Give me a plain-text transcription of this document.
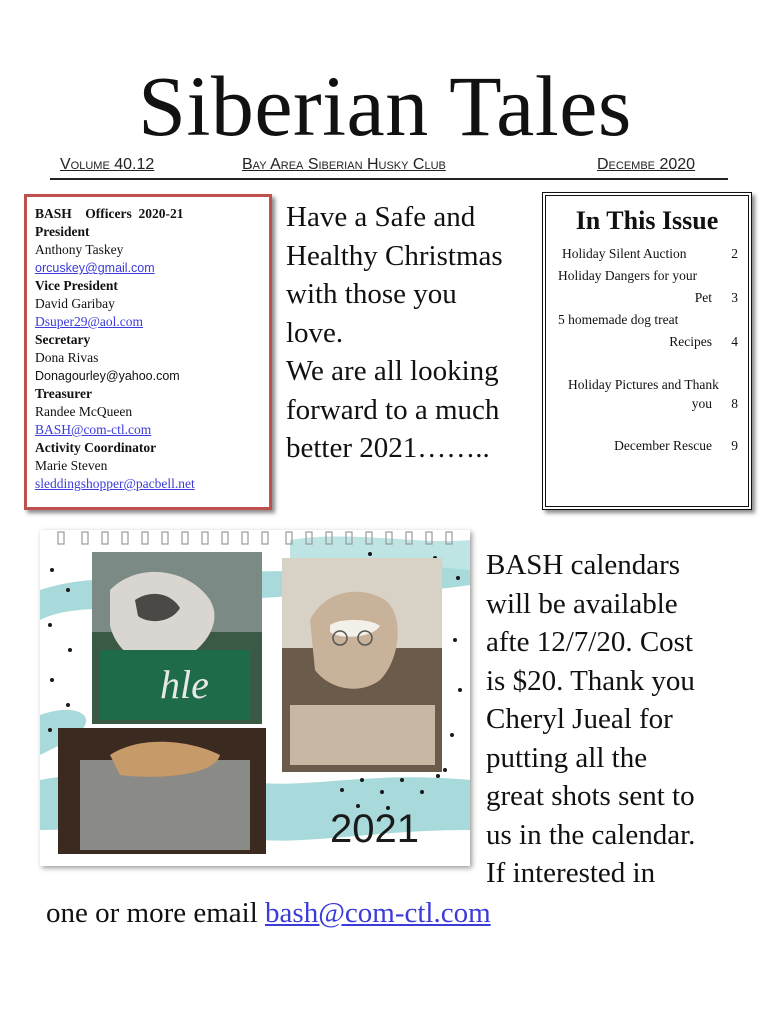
Siberian Tales
Volume 40.12	Bay Area Siberian Husky Club	Decembe 2020
BASH    Officers  2020-21
President
Anthony Taskey
orcuskey@gmail.com
Vice President
David Garibay
Dsuper29@aol.com
Secretary
Dona Rivas
Donagourley@yahoo.com
Treasurer
Randee McQueen
BASH@com-ctl.com
Activity Coordinator
Marie Steven
sleddingshopper@pacbell.net
Have a Safe and
Healthy Christmas
with those you
love.
We are all looking
forward to a much
better 2021……..
In This Issue
Holiday Silent Auction	2
Holiday Dangers for your
Pet 3
5 homemade dog treat
Recipes 4
Holiday Pictures and Thank
you 8
December Rescue 9
hle
2021
BASH calendars
will be available
afte 12/7/20. Cost
is $20. Thank you
Cheryl Jueal for
putting all the
great shots sent to
us in the calendar.
If interested in
one or more email bash@com-ctl.com
